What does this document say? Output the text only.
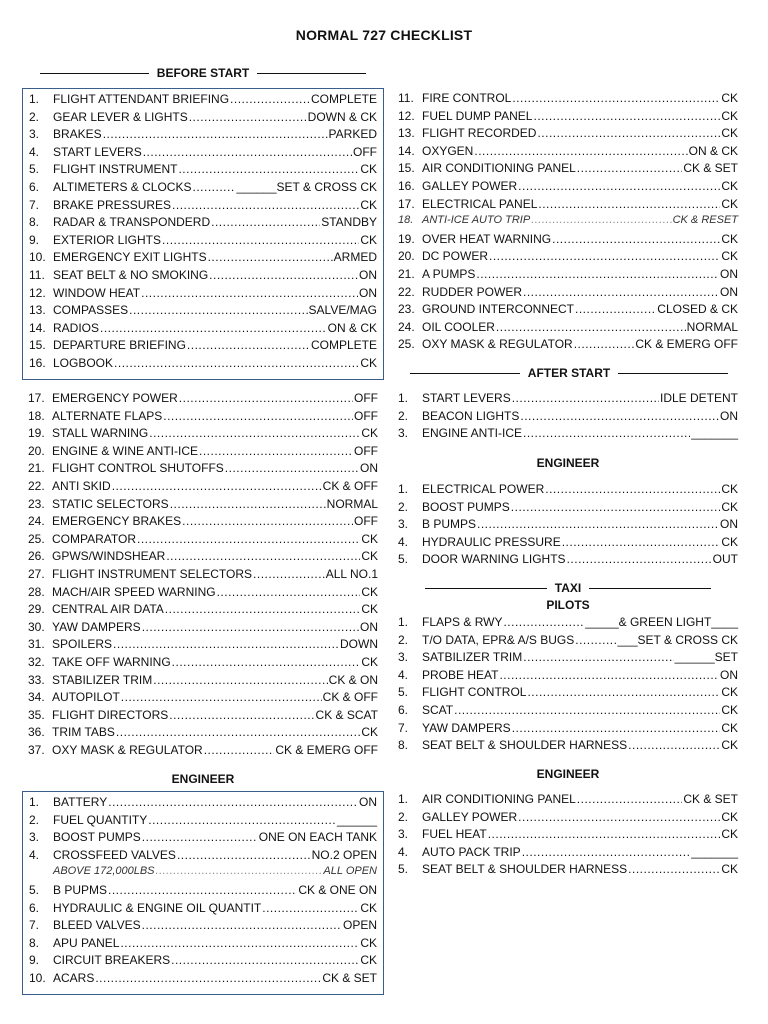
NORMAL 727 CHECKLIST
BEFORE START
1.	FLIGHT ATTENDANT BRIEFING .....	COMPLETE
2.	GEAR LEVER & LIGHTS .....	DOWN & CK
3.	BRAKES .....	PARKED
4.	START LEVERS .....	OFF
5.	FLIGHT INSTRUMENT .....	CK
6.	ALTIMETERS & CLOCKS .....	______SET & CROSS CK
7.	BRAKE PRESSURES .....	CK
8.	RADAR & TRANSPONDERD .....	STANDBY
9.	EXTERIOR LIGHTS .....	CK
10. EMERGENCY EXIT LIGHTS .....	ARMED
11. SEAT BELT & NO SMOKING .....	ON
12. WINDOW HEAT .....	ON
13. COMPASSES .....	SALVE/MAG
14. RADIOS .....	ON & CK
15. DEPARTURE BRIEFING .....	COMPLETE
16. LOGBOOK .....	CK
17. EMERGENCY POWER .....	OFF
18. ALTERNATE FLAPS .....	OFF
19. STALL WARNING .....	CK
20. ENGINE & WINE ANTI-ICE .....	OFF
21. FLIGHT CONTROL SHUTOFFS .....	ON
22. ANTI SKID .....	CK & OFF
23. STATIC SELECTORS .....	NORMAL
24. EMERGENCY BRAKES .....	OFF
25. COMPARATOR .....	CK
26. GPWS/WINDSHEAR .....	CK
27. FLIGHT INSTRUMENT SELECTORS .....	ALL NO.1
28. MACH/AIR SPEED WARNING .....	CK
29. CENTRAL AIR DATA .....	CK
30. YAW DAMPERS .....	ON
31. SPOILERS .....	DOWN
32. TAKE OFF WARNING .....	CK
33. STABILIZER TRIM .....	CK & ON
34. AUTOPILOT .....	CK & OFF
35. FLIGHT DIRECTORS .....	CK & SCAT
36. TRIM TABS .....	CK
37. OXY MASK & REGULATOR .....	CK & EMERG OFF
ENGINEER
1.	BATTERY .....	ON
2.	FUEL QUANTITY .....	______
3.	BOOST PUMPS .....	ONE ON EACH TANK
4.	CROSSFEED VALVES .....	NO.2 OPEN
ABOVE 172,000LBS .....	ALL OPEN
5.	B PUPMS .....	CK & ONE ON
6.	HYDRAULIC & ENGINE OIL QUANTIT .....	CK
7.	BLEED VALVES .....	OPEN
8.	APU PANEL .....	CK
9.	CIRCUIT BREAKERS .....	CK
10. ACARS .....	CK & SET
11. FIRE CONTROL .....	CK
12. FUEL DUMP PANEL .....	CK
13. FLIGHT RECORDED .....	CK
14. OXYGEN .....	ON & CK
15. AIR CONDITIONING PANEL .....	CK & SET
16. GALLEY POWER .....	CK
17. ELECTRICAL PANEL .....	CK
18. ANTI-ICE AUTO TRIP .....	CK & RESET
19. OVER HEAT WARNING .....	CK
20. DC POWER .....	CK
21. A PUMPS .....	ON
22. RUDDER POWER .....	ON
23. GROUND INTERCONNECT .....	CLOSED & CK
24. OIL COOLER .....	NORMAL
25. OXY MASK & REGULATOR .....	CK & EMERG OFF
AFTER START
1.	START LEVERS .....	IDLE DETENT
2.	BEACON LIGHTS .....	ON
3.	ENGINE ANTI-ICE .....	_______
ENGINEER
1.	ELECTRICAL POWER .....	CK
2.	BOOST PUMPS .....	CK
3.	B PUMPS .....	ON
4.	HYDRAULIC PRESSURE .....	CK
5.	DOOR WARNING LIGHTS .....	OUT
TAXI
PILOTS
1.	FLAPS & RWY .....	_____& GREEN LIGHT____
2.	T/O DATA, EPR& A/S BUGS .....	___SET & CROSS CK
3.	SATBILIZER TRIM .....	______SET
4.	PROBE HEAT .....	ON
5.	FLIGHT CONTROL .....	CK
6.	SCAT .....	CK
7.	YAW DAMPERS .....	CK
8.	SEAT BELT & SHOULDER HARNESS .....	CK
ENGINEER
1.	AIR CONDITIONING PANEL .....	CK & SET
2.	GALLEY POWER .....	CK
3.	FUEL HEAT .....	CK
4.	AUTO PACK TRIP .....	_______
5.	SEAT BELT & SHOULDER HARNESS .....	CK
